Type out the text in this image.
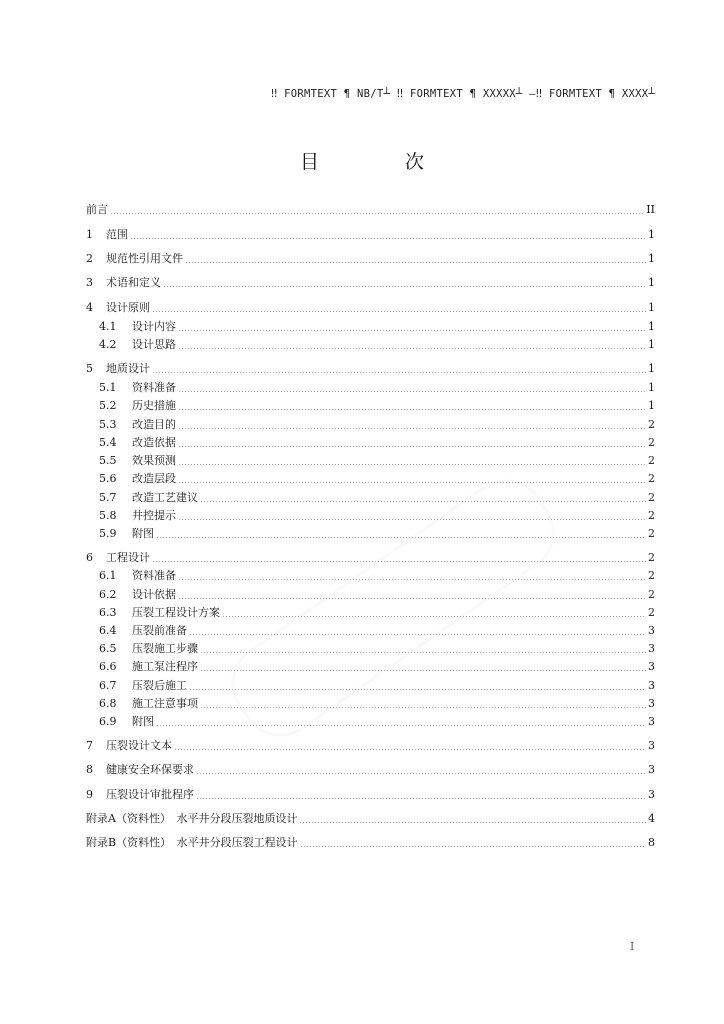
‼ FORMTEXT ¶ NB/T┴ ‼ FORMTEXT ¶ XXXXX┴ —‼ FORMTEXT ¶ XXXX┴
目 次
前言	II
1 范围	1
2 规范性引用文件	1
3 术语和定义	1
4 设计原则	1
4.1 设计内容	1
4.2 设计思路	1
5 地质设计	1
5.1 资料准备	1
5.2 历史措施	1
5.3 改造目的	2
5.4 改造依据	2
5.5 效果预测	2
5.6 改造层段	2
5.7 改造工艺建议	2
5.8 井控提示	2
5.9 附图	2
6 工程设计	2
6.1 资料准备	2
6.2 设计依据	2
6.3 压裂工程设计方案	2
6.4 压裂前准备	3
6.5 压裂施工步骤	3
6.6 施工泵注程序	3
6.7 压裂后施工	3
6.8 施工注意事项	3
6.9 附图	3
7 压裂设计文本	3
8 健康安全环保要求	3
9 压裂设计审批程序	3
附录A（资料性）　水平井分段压裂地质设计	4
附录B（资料性）　水平井分段压裂工程设计	8
I
